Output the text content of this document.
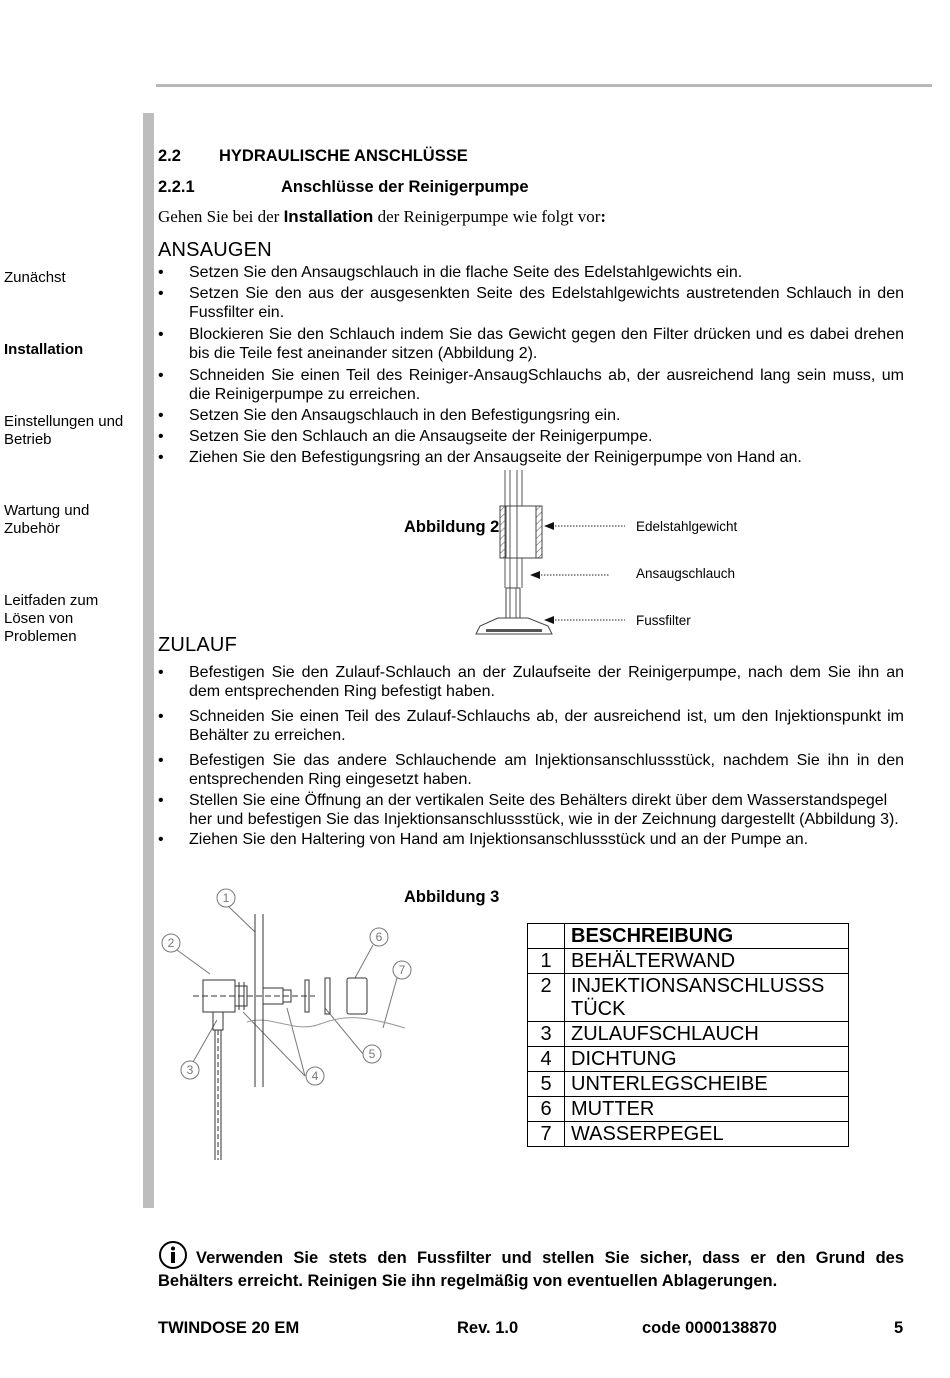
Zunächst
Installation
Einstellungen und Betrieb
Wartung und Zubehör
Leitfaden zum Lösen von Problemen
2.2 HYDRAULISCHE ANSCHLÜSSE
2.2.1	Anschlüsse der Reinigerpumpe
Gehen Sie bei der Installation der Reinigerpumpe wie folgt vor:
ANSAUGEN
• Setzen Sie den Ansaugschlauch in die flache Seite des Edelstahlgewichts ein.
• Setzen Sie den aus der ausgesenkten Seite des Edelstahlgewichts austretenden Schlauch in den Fussfilter ein.
• Blockieren Sie den Schlauch indem Sie das Gewicht gegen den Filter drücken und es dabei drehen bis die Teile fest aneinander sitzen (Abbildung 2).
• Schneiden Sie einen Teil des Reiniger-AnsaugSchlauchs ab, der ausreichend lang sein muss, um die Reinigerpumpe zu erreichen.
• Setzen Sie den Ansaugschlauch in den Befestigungsring ein.
• Setzen Sie den Schlauch an die Ansaugseite der Reinigerpumpe.
• Ziehen Sie den Befestigungsring an der Ansaugseite der Reinigerpumpe von Hand an.
Abbildung 2	Edelstahlgewicht
Ansaugschlauch
Fussfilter
ZULAUF
• Befestigen Sie den Zulauf-Schlauch an der Zulaufseite der Reinigerpumpe, nach dem Sie ihn an dem entsprechenden Ring befestigt haben.
• Schneiden Sie einen Teil des Zulauf-Schlauchs ab, der ausreichend ist, um den Injektionspunkt im Behälter zu erreichen.
• Befestigen Sie das andere Schlauchende am Injektionsanschlussstück, nachdem Sie ihn in den entsprechenden Ring eingesetzt haben.
• Stellen Sie eine Öffnung an der vertikalen Seite des Behälters direkt über dem Wasserstandspegel her und befestigen Sie das Injektionsanschlussstück, wie in der Zeichnung dargestellt (Abbildung 3).
• Ziehen Sie den Haltering von Hand am Injektionsanschlussstück und an der Pumpe an.
Abbildung 3
1
2
3	4
5
6
7
	BESCHREIBUNG
1	BEHÄLTERWAND
2	INJEKTIONSANSCHLUSSS
TÜCK
3	ZULAUFSCHLAUCH
4	DICHTUNG
5	UNTERLEGSCHEIBE
6	MUTTER
7	WASSERPEGEL
Verwenden Sie stets den Fussfilter und stellen Sie sicher, dass er den Grund des Behälters erreicht. Reinigen Sie ihn regelmäßig von eventuellen Ablagerungen.
TWINDOSE 20 EM	Rev. 1.0	code 0000138870	5
